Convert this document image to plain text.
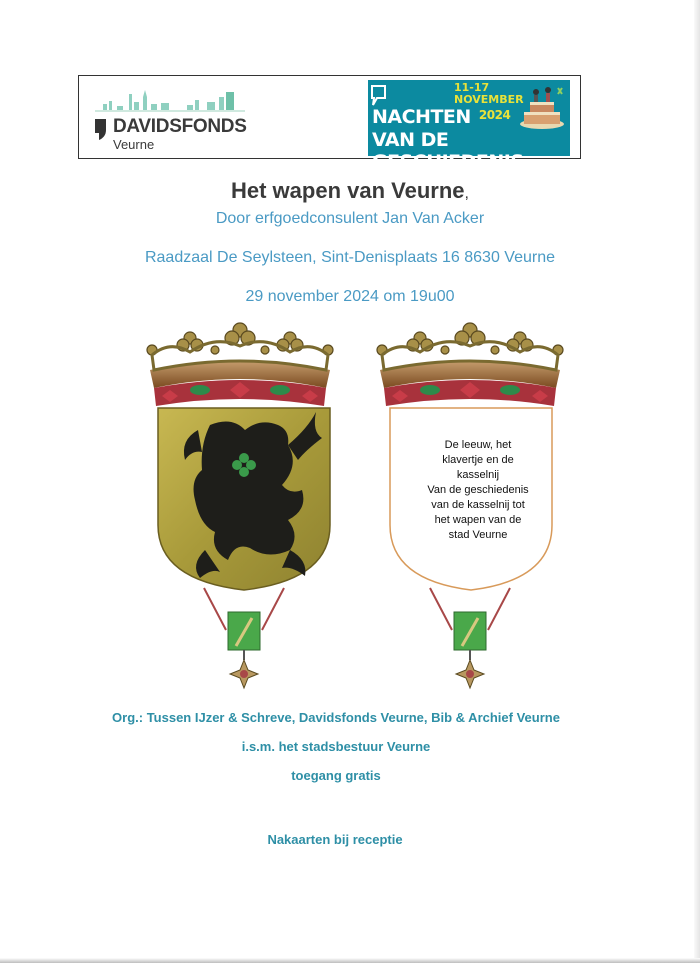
DAVIDSFONDS
Veurne
11-17
NOVEMBER
NACHTEN $^{2024}$
VAN DE GESCHIEDENIS
Het wapen van Veurne,
Door erfgoedconsulent Jan Van Acker
Raadzaal De Seylsteen, Sint-Denisplaats 16 8630 Veurne
29 november 2024 om 19u00
De leeuw, het
klavertje en de
kasselnij
Van de geschiedenis
van de kasselnij tot
het wapen van de
stad Veurne
Org.: Tussen IJzer & Schreve, Davidsfonds Veurne, Bib & Archief Veurne
i.s.m. het stadsbestuur Veurne
toegang gratis
Nakaarten bij receptie
